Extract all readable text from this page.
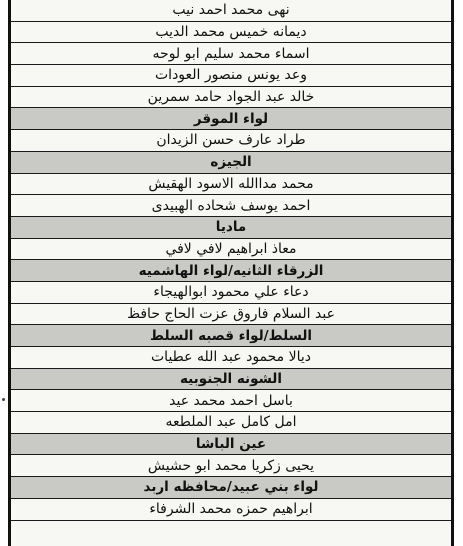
نهى محمد احمد نيب
ديمانه خميس محمد الديب
اسماء محمد سليم ابو لوحه
وعد يونس منصور العودات
خالد عبد الجواد حامد سمرين
لواء الموقر
طراد عارف حسن الزيدان
الجيزه
محمد مداالله الاسود الهقيش
احمد يوسف شحاده الهبيدى
ماديا
معاذ ابراهيم لافي لافي
الزرقاء الثانيه/لواء الهاشميه
دعاء علي محمود ابوالهيجاء
عبد السلام فاروق عزت الحاج حافظ
السلط/لواء قصبه السلط
ديالا محمود عبد الله عطيات
الشونه الجنوبيه
باسل احمد محمد عيد
امل كامل عبد الملطعه
عين الباشا
يحيى زكريا محمد ابو حشيش
لواء بني عبيد/محافظه اربد
ابراهيم حمزه محمد الشرفاء
